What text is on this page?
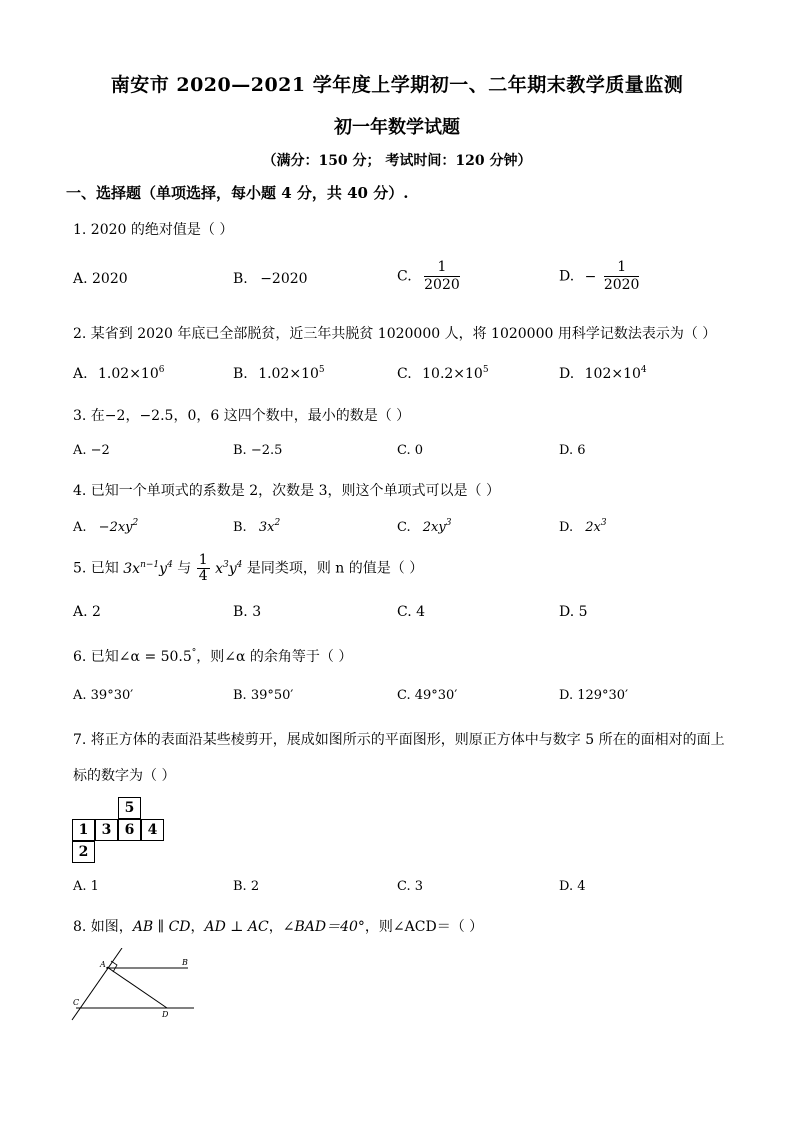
南安市 2020—2021 学年度上学期初一、二年期末教学质量监测
初一年数学试题
（满分：150 分； 考试时间：120 分钟）
一、选择题（单项选择，每小题 4 分，共 40 分）.
1. 2020 的绝对值是（ ）
A. 2020	B. −2020	C. $\frac{1}{2020}$	D. − $\frac{1}{2020}$
2. 某省到 2020 年底已全部脱贫，近三年共脱贫 1020000 人，将 1020000 用科学记数法表示为（ ）
A. $1.02\times 10^6$	B. $1.02\times 10^5$	C. $10.2\times 10^5$	D. $102\times 10^4$
3. 在−2，−2.5，0，6 这四个数中，最小的数是（ ）
A. −2	B. −2.5	C. 0	D. 6
4. 已知一个单项式的系数是 2，次数是 3，则这个单项式可以是（ ）
A. $-2xy^2$	B. $3x^2$	C. $2xy^3$	D. $2x^3$
5. 已知 $3x^{n-1}y^4$ 与 $\frac{1}{4} x^3y^4$ 是同类项，则 n 的值是（ ）
A. 2	B. 3	C. 4	D. 5
6. 已知∠α = 50.5°，则∠α 的余角等于（ ）
A. 39°30′	B. 39°50′	C. 49°30′	D. 129°30′
7. 将正方体的表面沿某些棱剪开，展成如图所示的平面图形，则原正方体中与数字 5 所在的面相对的面上
标的数字为（ ）
5
1 3 6 4
2
A. 1	B. 2	C. 3	D. 4
8. 如图，AB ∥ CD，AD ⊥ AC，∠BAD＝40°，则∠ACD＝（ ）
A	B
C
D
